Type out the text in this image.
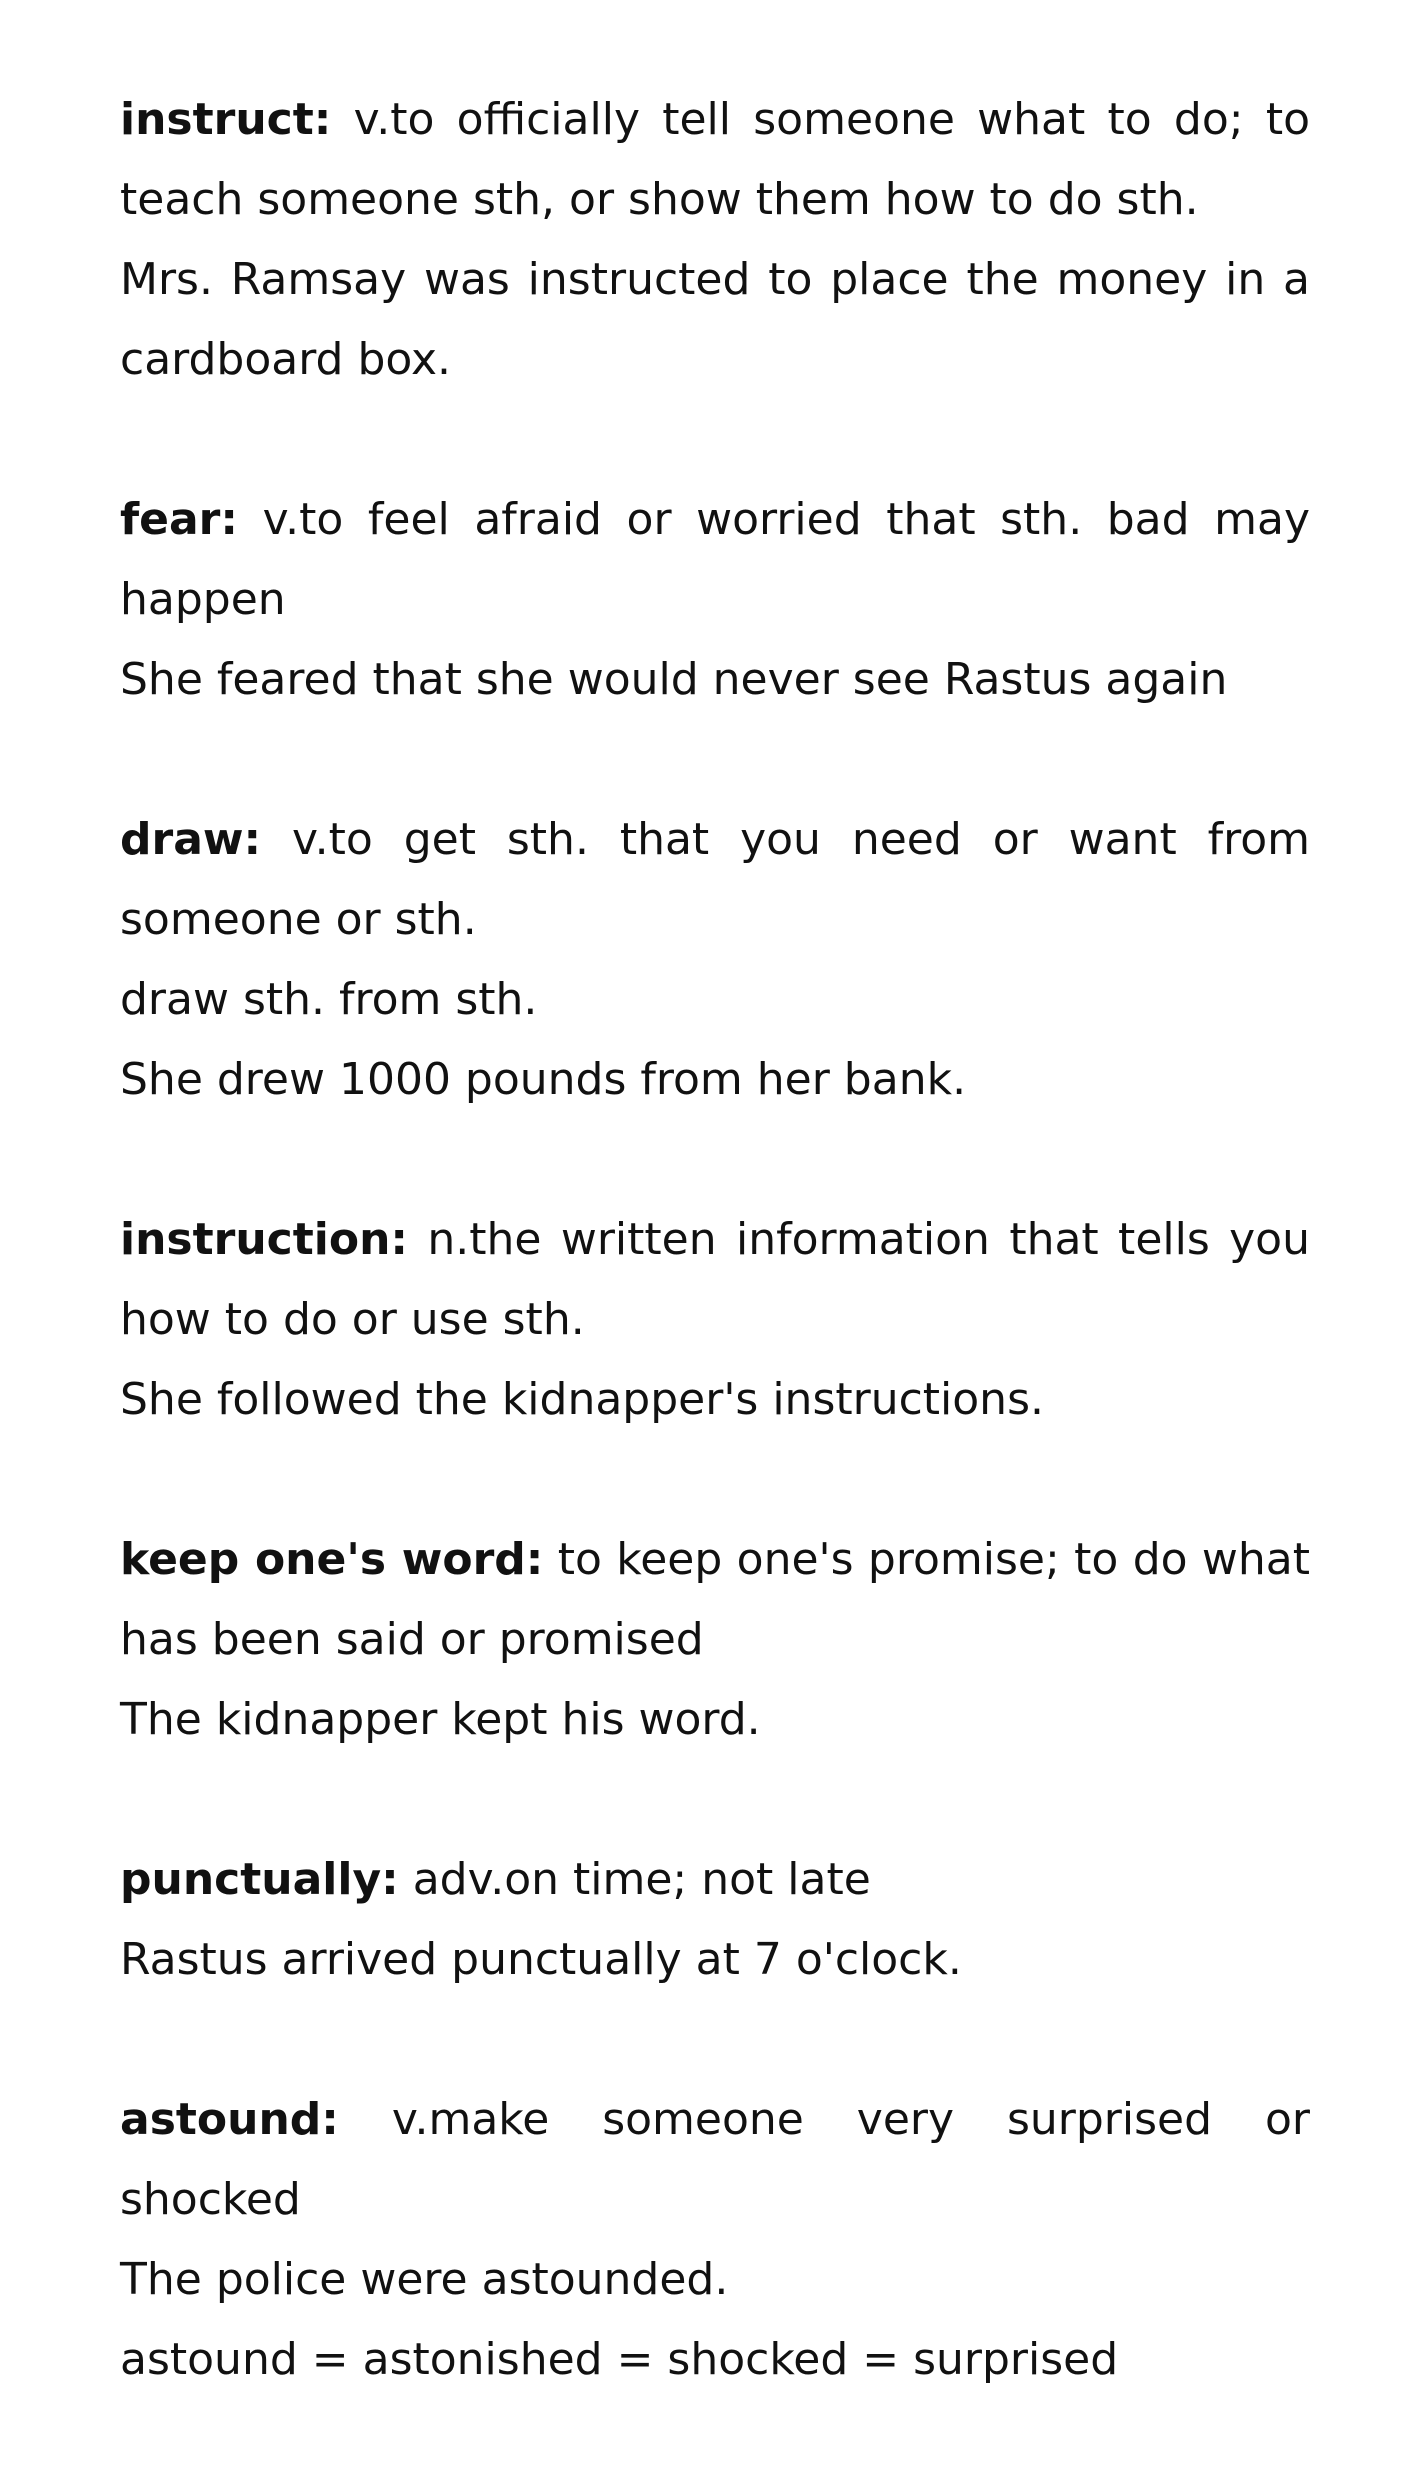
instruct: v.to officially tell someone what to do; to teach someone sth, or show them how to do sth.
Mrs. Ramsay was instructed to place the money in a cardboard box.
fear: v.to feel afraid or worried that sth. bad may happen
She feared that she would never see Rastus again
draw: v.to get sth. that you need or want from someone or sth.
draw sth. from sth.
She drew 1000 pounds from her bank.
instruction: n.the written information that tells you how to do or use sth.
She followed the kidnapper's instructions.
keep one's word: to keep one's promise; to do what has been said or promised
The kidnapper kept his word.
punctually: adv.on time; not late
Rastus arrived punctually at 7 o'clock.
astound: v.make someone very surprised or shocked
The police were astounded.
astound = astonished = shocked = surprised
